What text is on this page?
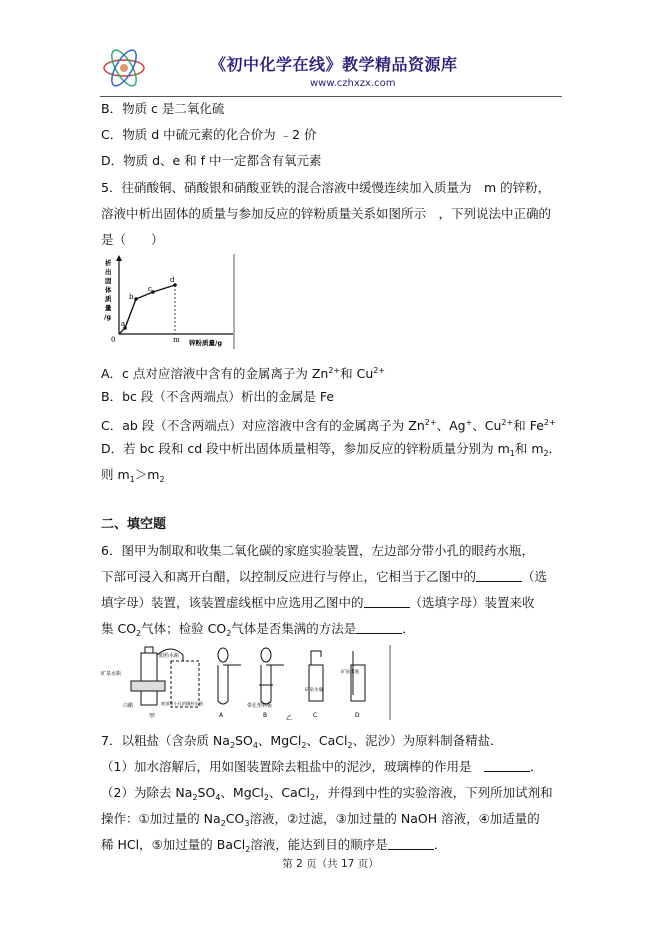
《初中化学在线》教学精品资源库
www.czhxzx.com
B．物质 c 是二氧化硫
C．物质 d 中硫元素的化合价为 ﹣2 价
D．物质 d、e 和 f 中一定都含有氧元素
5．往硝酸铜、硝酸银和硝酸亚铁的混合溶液中缓慢连续加入质量为　m 的锌粉，
溶液中析出固体的质量与参加反应的锌粉质量关系如图所示　，下列说法中正确的
是（　　）
a
b
c
d
0	m 锌粉质量/g
析
出
固
体
质
量
/g
A．c 点对应溶液中含有的金属离子为 $Zn^{2+}$和 $Cu^{2+}$
B．bc 段（不含两端点）析出的金属是 Fe
C．ab 段（不含两端点）对应溶液中含有的金属离子为 $Zn^{2+}$、Ag+、$Cu^{2+}$和 $Fe^{2+}$
D．若 bc 段和 cd 段中析出固体质量相等，参加反应的锌粉质量分别为 $m_1$和 $m_2$．
则 $m_1>m_2$
二、填空题
6．图甲为制取和收集二氧化碳的家庭实验装置，左边部分带小孔的眼药水瓶，
下部可浸入和离开白醋，以控制反应进行与停止，它相当于乙图中的	（选
填字母）装置，该装置虚线框中应选用乙图中的	（选填字母）装置来收
集 $CO_2$气体；检验 $CO_2$气体是否集满的方法是	．
矿泉水瓶
眼药水瓶
白醋	底部剪小孔的眼药水瓶
甲	A
带孔塑料板
B
矿泉水瓶
C
矿泉水瓶
D
乙
7．以粗盐（含杂质 $Na_2SO_4$、MgCl$_2$、CaCl$_2$、泥沙）为原料制备精盐．
（1）加水溶解后，用如图装置除去粗盐中的泥沙，玻璃棒的作用是　	．
（2）为除去 $Na_2SO_4$、MgCl$_2$、CaCl$_2$，并得到中性的实验溶液，下列所加试剂和
操作：①加过量的 $Na_2CO_3$溶液，②过滤，③加过量的 NaOH 溶液，④加适量的
稀 HCl，⑤加过量的 BaCl$_2$溶液，能达到目的顺序是	．
第 2 页（共 17 页）
